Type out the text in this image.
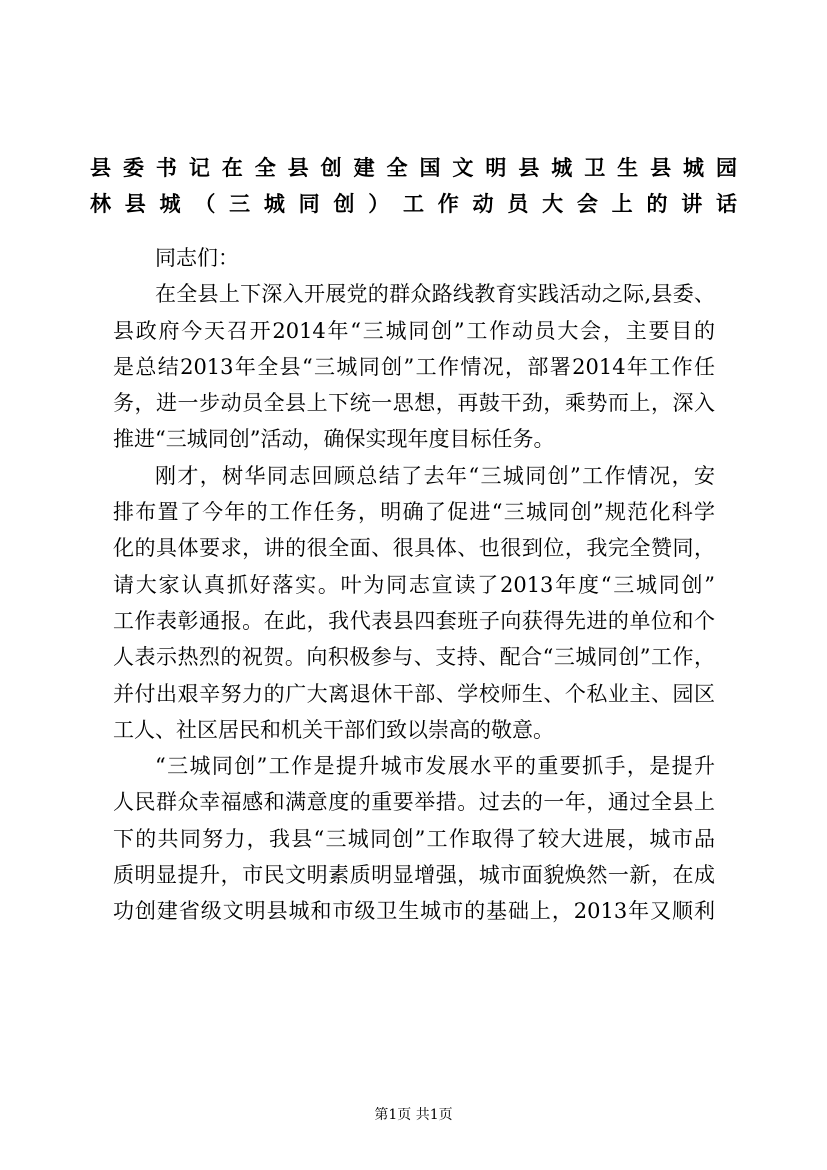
县委书记在全县创建全国文明县城卫生县城园
林县城（三城同创）工作动员大会上的讲话
同志们：
在全县上下深入开展党的群众路线教育实践活动之际,县委、
县政府今天召开2014年“三城同创”工作动员大会，主要目的
是总结2013年全县“三城同创”工作情况，部署2014年工作任
务，进一步动员全县上下统一思想，再鼓干劲，乘势而上，深入
推进“三城同创”活动，确保实现年度目标任务。
刚才，树华同志回顾总结了去年“三城同创”工作情况，安
排布置了今年的工作任务，明确了促进“三城同创”规范化科学
化的具体要求，讲的很全面、很具体、也很到位，我完全赞同，
请大家认真抓好落实。叶为同志宣读了2013年度“三城同创”
工作表彰通报。在此，我代表县四套班子向获得先进的单位和个
人表示热烈的祝贺。向积极参与、支持、配合“三城同创”工作，
并付出艰辛努力的广大离退休干部、学校师生、个私业主、园区
工人、社区居民和机关干部们致以崇高的敬意。
“三城同创”工作是提升城市发展水平的重要抓手，是提升
人民群众幸福感和满意度的重要举措。过去的一年，通过全县上
下的共同努力，我县“三城同创”工作取得了较大进展，城市品
质明显提升，市民文明素质明显增强，城市面貌焕然一新，在成
功创建省级文明县城和市级卫生城市的基础上，2013年又顺利
第1页 共1页
